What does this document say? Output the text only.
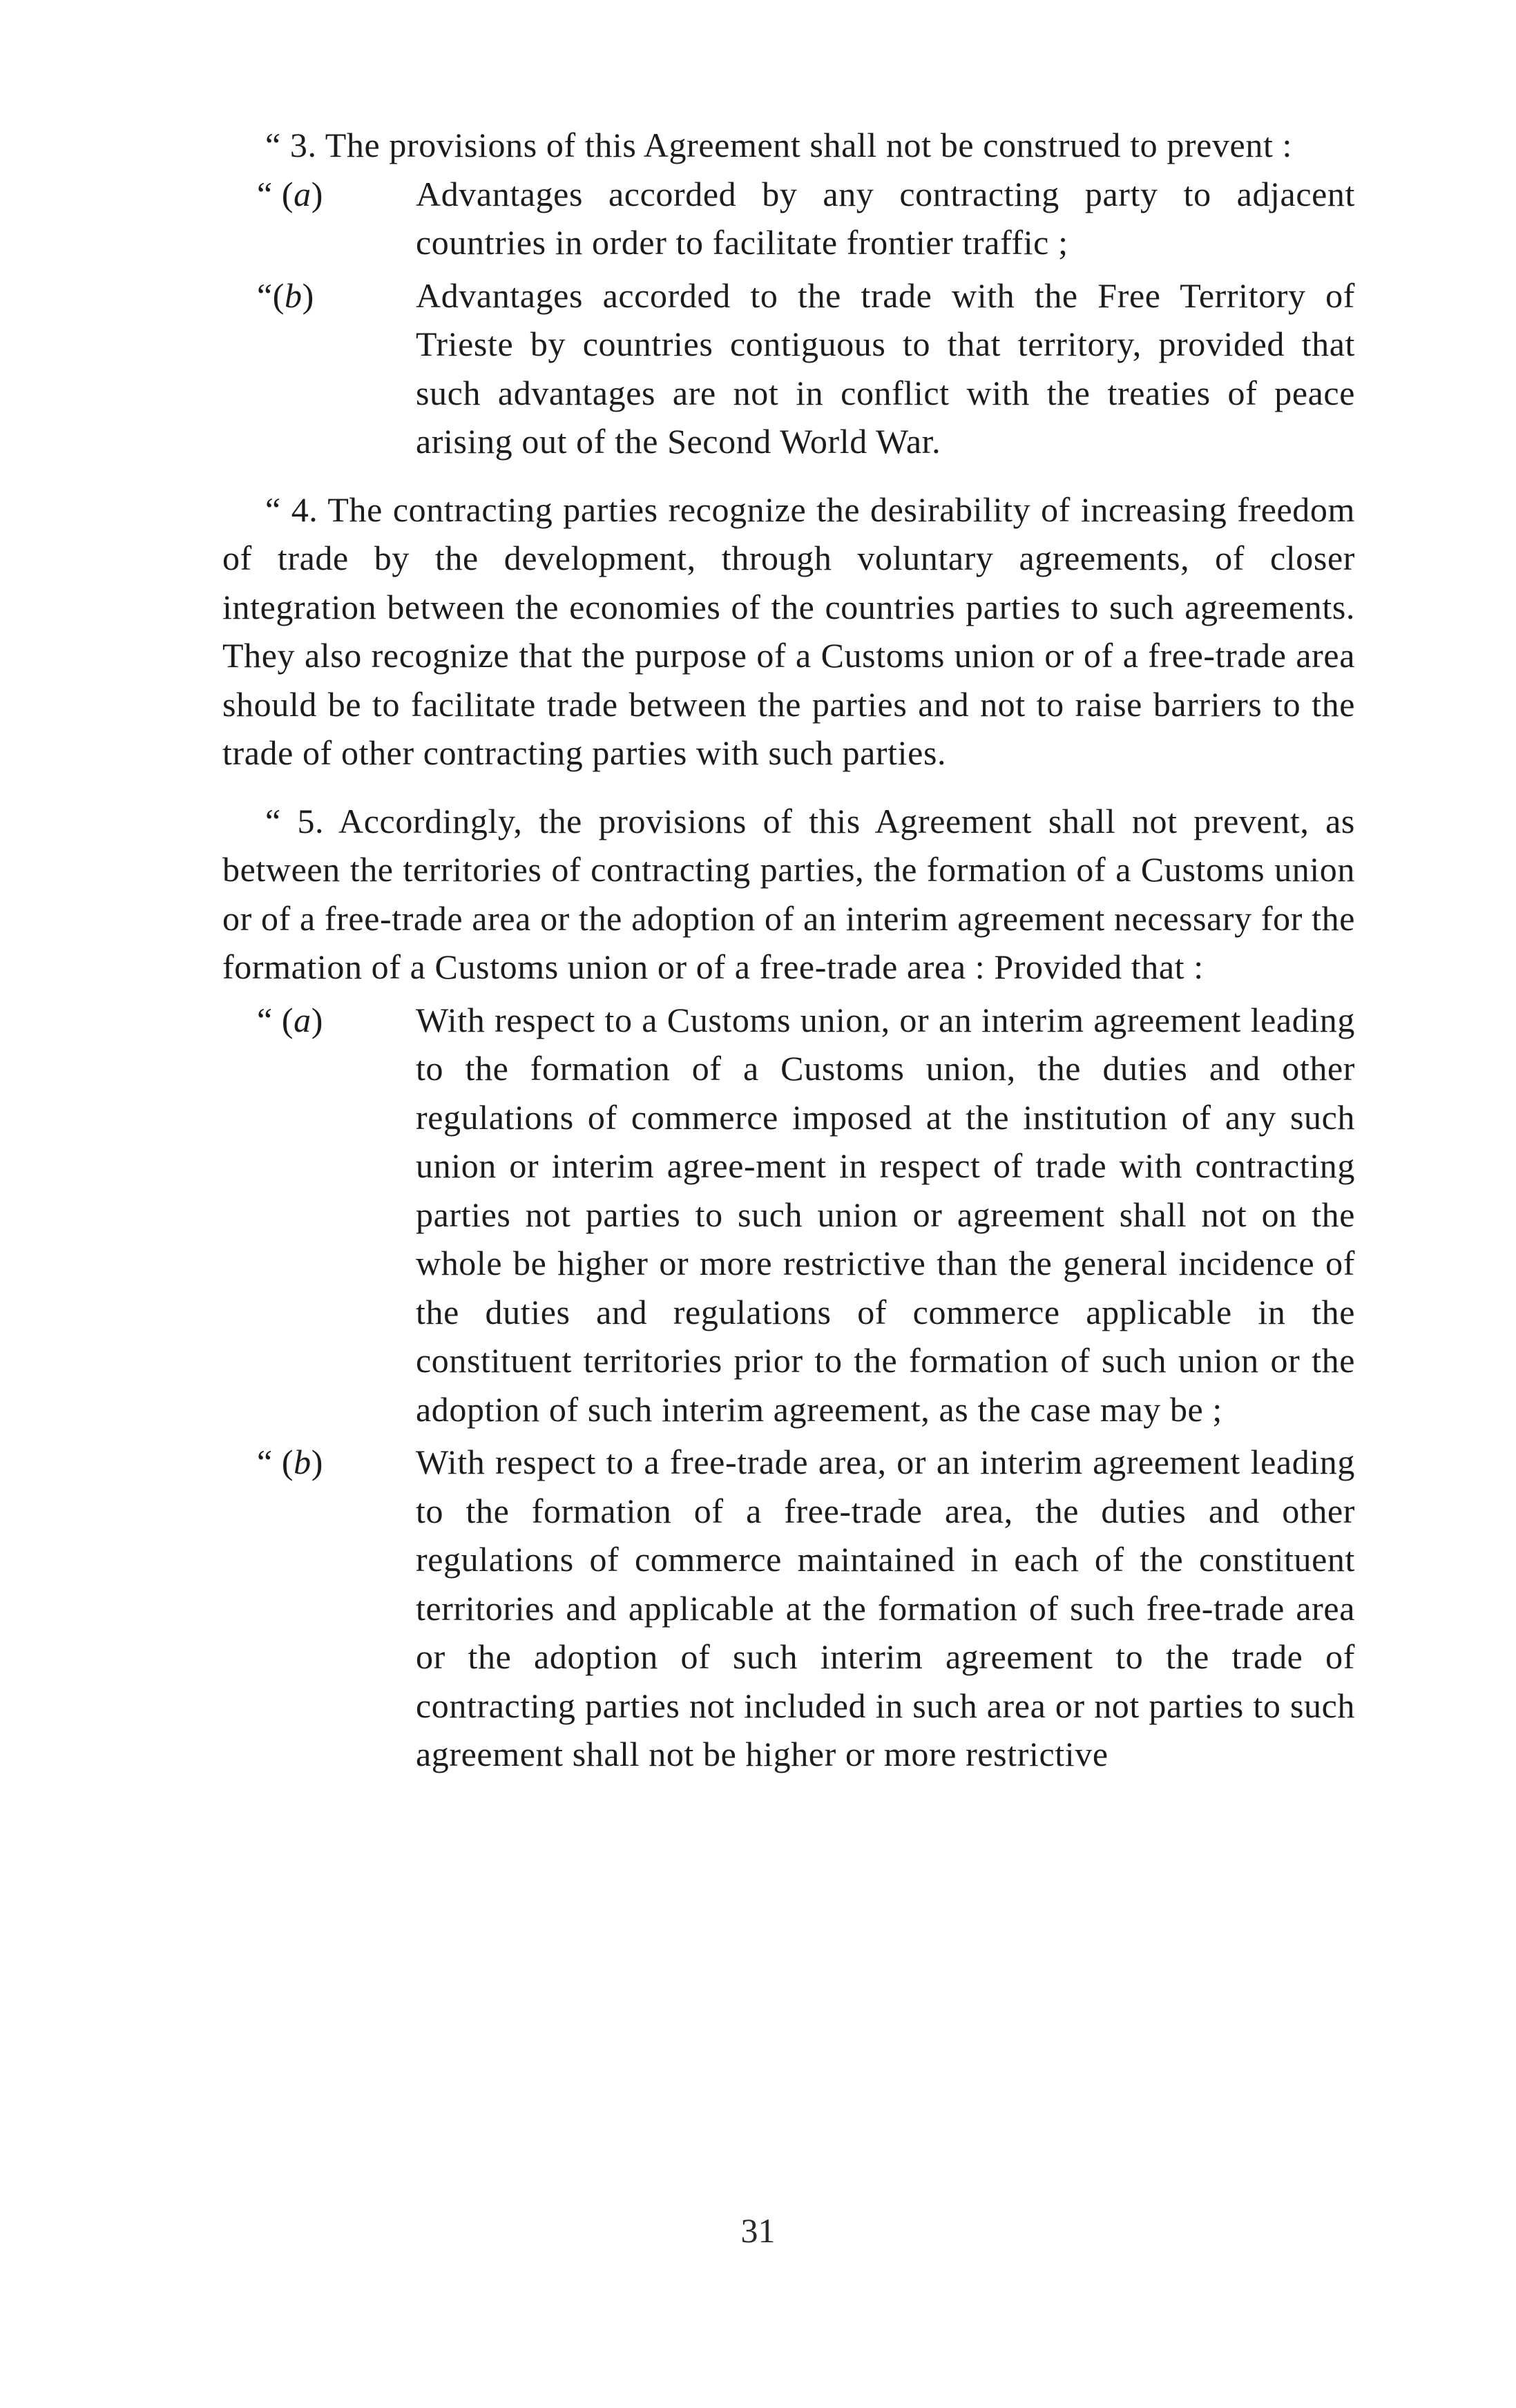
“ 3. The provisions of this Agreement shall not be construed to prevent :

“ (a)	Advantages accorded by any contracting party to adjacent countries in order to facilitate frontier traffic ;
“(b)	Advantages accorded to the trade with the Free Territory of Trieste by countries contiguous to that territory, provided that such advantages are not in conflict with the treaties of peace arising out of the Second World War.

“ 4. The contracting parties recognize the desirability of increasing freedom of trade by the development, through voluntary agreements, of closer integration between the economies of the countries parties to such agreements. They also recognize that the purpose of a Customs union or of a free-trade area should be to facilitate trade between the parties and not to raise barriers to the trade of other contracting parties with such parties.

“ 5. Accordingly, the provisions of this Agreement shall not prevent, as between the territories of contracting parties, the formation of a Customs union or of a free-trade area or the adoption of an interim agreement necessary for the formation of a Customs union or of a free-trade area : Provided that :

“ (a)	With respect to a Customs union, or an interim agreement leading to the formation of a Customs union, the duties and other regulations of commerce imposed at the institution of any such union or interim agree-ment in respect of trade with contracting parties not parties to such union or agreement shall not on the whole be higher or more restrictive than the general incidence of the duties and regulations of commerce applicable in the constituent territories prior to the formation of such union or the adoption of such interim agreement, as the case may be ;
“ (b)	With respect to a free-trade area, or an interim agreement leading to the formation of a free-trade area, the duties and other regulations of commerce maintained in each of the constituent territories and applicable at the formation of such free-trade area or the adoption of such interim agreement to the trade of contracting parties not included in such area or not parties to such agreement shall not be higher or more restrictive
31
